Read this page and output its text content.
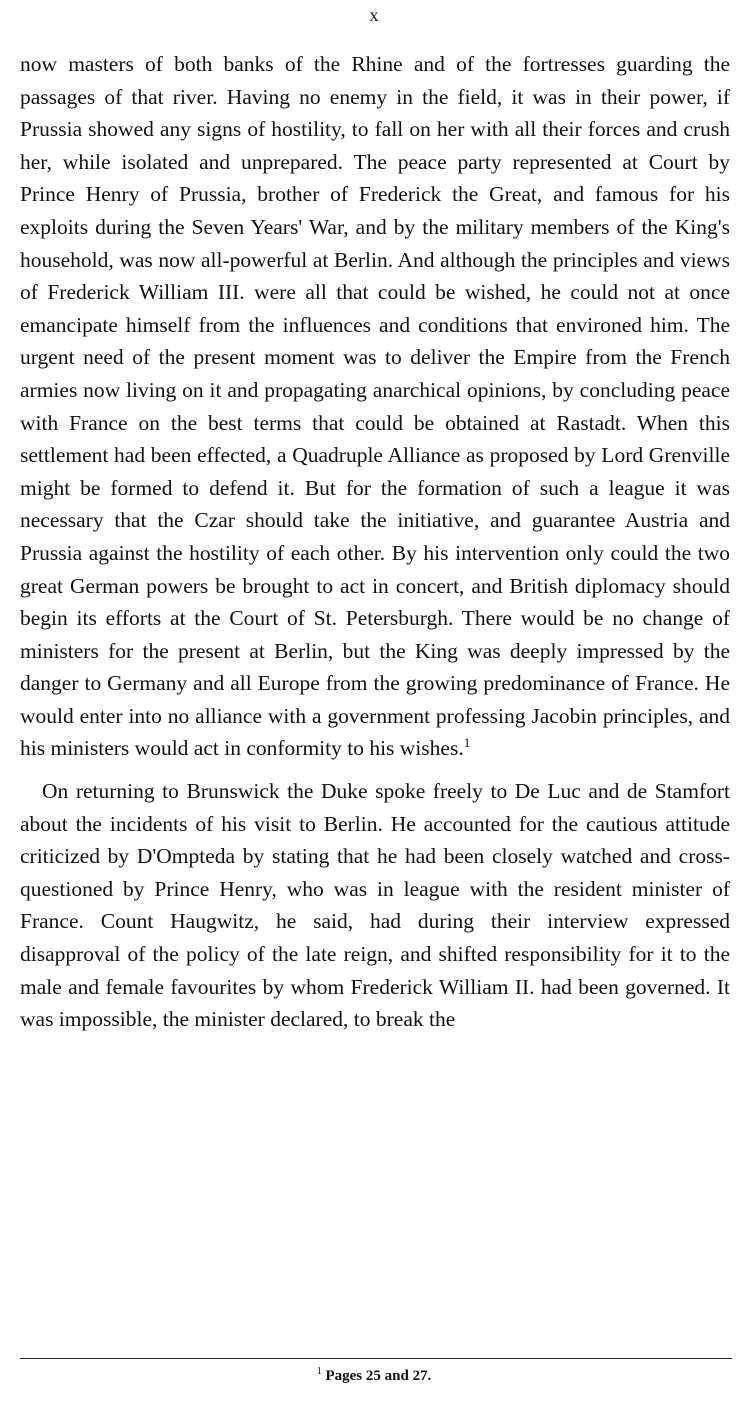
x

now masters of both banks of the Rhine and of the fortresses guarding the passages of that river. Having no enemy in the field, it was in their power, if Prussia showed any signs of hostility, to fall on her with all their forces and crush her, while isolated and unprepared. The peace party represented at Court by Prince Henry of Prussia, brother of Frederick the Great, and famous for his exploits during the Seven Years' War, and by the military members of the King's household, was now all-powerful at Berlin. And although the principles and views of Frederick William III. were all that could be wished, he could not at once emancipate himself from the influences and conditions that environed him. The urgent need of the present moment was to deliver the Empire from the French armies now living on it and propagating anarchical opinions, by concluding peace with France on the best terms that could be obtained at Rastadt. When this settlement had been effected, a Quadruple Alliance as proposed by Lord Grenville might be formed to defend it. But for the formation of such a league it was necessary that the Czar should take the initiative, and guarantee Austria and Prussia against the hostility of each other. By his intervention only could the two great German powers be brought to act in concert, and British diplomacy should begin its efforts at the Court of St. Petersburgh. There would be no change of ministers for the present at Berlin, but the King was deeply impressed by the danger to Germany and all Europe from the growing predominance of France. He would enter into no alliance with a government professing Jacobin principles, and his ministers would act in conformity to his wishes.$^1$

On returning to Brunswick the Duke spoke freely to De Luc and de Stamfort about the incidents of his visit to Berlin. He accounted for the cautious attitude criticized by D'Ompteda by stating that he had been closely watched and cross-questioned by Prince Henry, who was in league with the resident minister of France. Count Haugwitz, he said, had during their interview expressed disapproval of the policy of the late reign, and shifted responsibility for it to the male and female favourites by whom Frederick William II. had been governed. It was impossible, the minister declared, to break the

$^1$ Pages 25 and 27.
